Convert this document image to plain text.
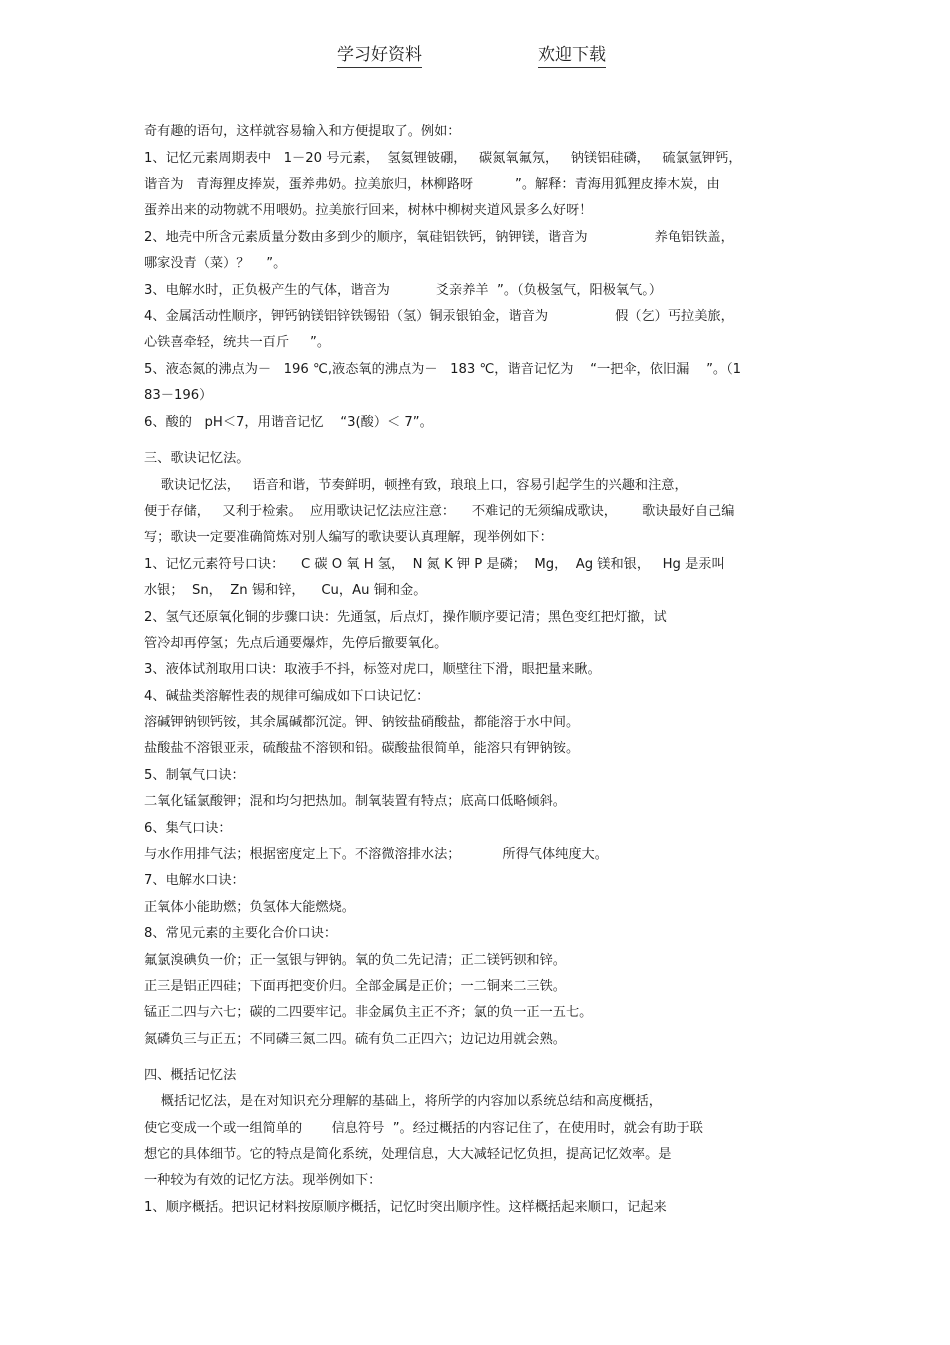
学习好资料	欢迎下载
奇有趣的语句，这样就容易输入和方便提取了。例如：
1、记忆元素周期表中   1－20 号元素，  氢氦锂铍硼，   碳氮氧氟氖，   钠镁铝硅磷，   硫氯氩钾钙，
谐音为   青海狸皮捧炭，蛋养弗奶。拉美旅归，林柳路呀          ”。解释：青海用狐狸皮捧木炭，由
蛋养出来的动物就不用喂奶。拉美旅行回来，树林中柳树夹道风景多么好呀！
2、地壳中所含元素质量分数由多到少的顺序，氧硅铝铁钙，钠钾镁，谐音为                养龟铝铁盖，
哪家没青（菜）？    ”。
3、电解水时，正负极产生的气体，谐音为           爻亲养羊  ”。（负极氢气，阳极氧气。）
4、金属活动性顺序，钾钙钠镁铝锌铁锡铅（氢）铜汞银铂金，谐音为                假（乞）丐拉美旅，
心铁喜牵轻，统共一百斤     ”。
5、液态氮的沸点为－   196 ℃,液态氧的沸点为－   183 ℃，谐音记忆为    “一把伞，依旧漏    ”。（1
83－196）
6、酸的   pH＜7，用谐音记忆    “3(酸）＜ 7”。
三、歌诀记忆法。
歌诀记忆法，   语音和谐，节奏鲜明，顿挫有致，琅琅上口，容易引起学生的兴趣和注意，
便于存储，   又利于检索。  应用歌诀记忆法应注意：    不难记的无须编成歌诀，      歌诀最好自己编
写；歌诀一定要准确简炼对别人编写的歌诀要认真理解，现举例如下：
1、记忆元素符号口诀：    C 碳 O 氧 H 氢，  N 氮 K 钾 P 是磷；  Mg，  Ag 镁和银，   Hg 是汞叫
水银；  Sn，  Zn 锡和锌，    Cu，Au 铜和金。
2、氢气还原氧化铜的步骤口诀：先通氢，后点灯，操作顺序要记清；黑色变红把灯撤，试
管冷却再停氢；先点后通要爆炸，先停后撤要氧化。
3、液体试剂取用口诀：取液手不抖，标签对虎口，顺壁往下滑，眼把量来瞅。
4、碱盐类溶解性表的规律可编成如下口诀记忆：
溶碱钾钠钡钙铵，其余属碱都沉淀。钾、钠铵盐硝酸盐，都能溶于水中间。
盐酸盐不溶银亚汞，硫酸盐不溶钡和铅。碳酸盐很简单，能溶只有钾钠铵。
5、制氧气口诀：
二氧化锰氯酸钾；混和均匀把热加。制氧装置有特点；底高口低略倾斜。
6、集气口诀：
与水作用排气法；根据密度定上下。不溶微溶排水法；          所得气体纯度大。
7、电解水口诀：
正氧体小能助燃；负氢体大能燃烧。
8、常见元素的主要化合价口诀：
氟氯溴碘负一价；正一氢银与钾钠。氧的负二先记清；正二镁钙钡和锌。
正三是铝正四硅；下面再把变价归。全部金属是正价；一二铜来二三铁。
锰正二四与六七；碳的二四要牢记。非金属负主正不齐；氯的负一正一五七。
氮磷负三与正五；不同磷三氮二四。硫有负二正四六；边记边用就会熟。
四、概括记忆法
概括记忆法，是在对知识充分理解的基础上，将所学的内容加以系统总结和高度概括，
使它变成一个或一组简单的       信息符号  ”。经过概括的内容记住了，在使用时，就会有助于联
想它的具体细节。它的特点是简化系统，处理信息，大大减轻记忆负担，提高记忆效率。是
一种较为有效的记忆方法。现举例如下：
1、顺序概括。把识记材料按原顺序概括，记忆时突出顺序性。这样概括起来顺口，记起来
